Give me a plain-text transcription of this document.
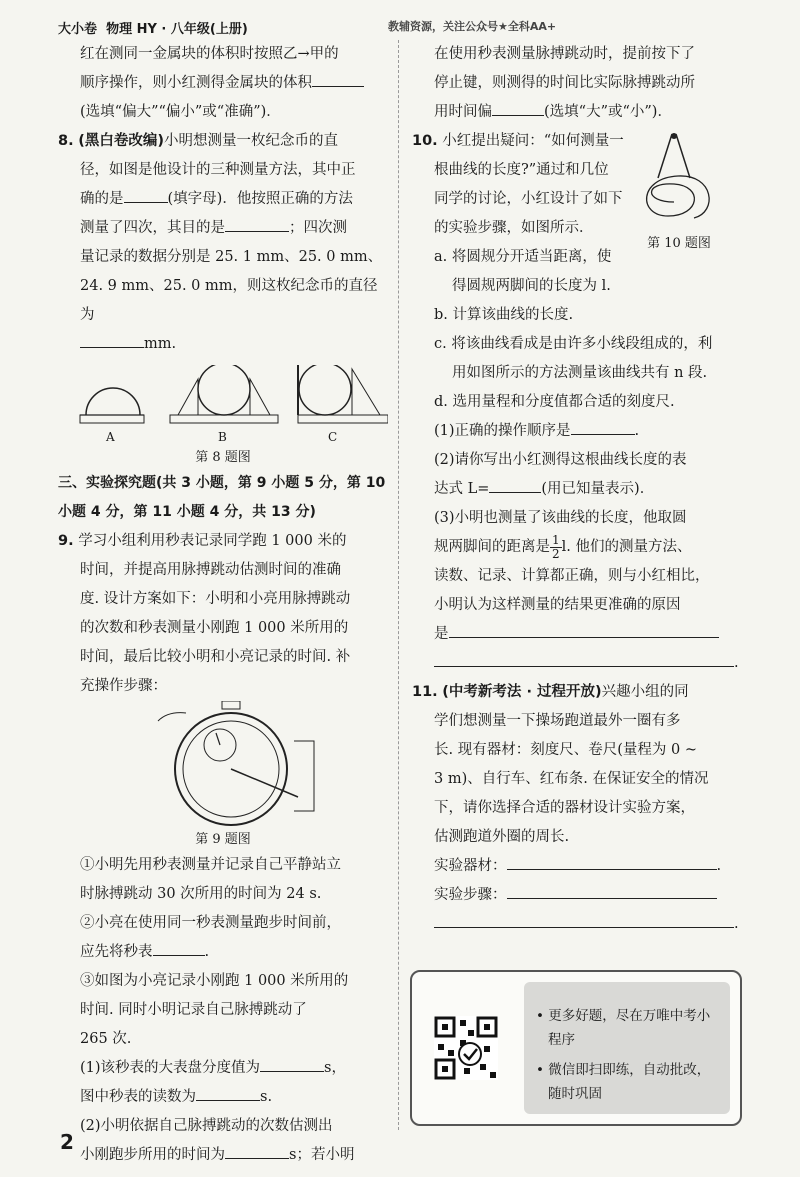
大小卷 物理 HY · 八年级(上册)	教辅资源，关注公众号★全科AA+

红在测同一金属块的体积时按照乙→甲的

顺序操作，则小红测得金属块的体积

(选填“偏大”“偏小”或“准确”)．

8. (黑白卷改编)小明想测量一枚纪念币的直

径，如图是他设计的三种测量方法，其中正

确的是	(填字母)．他按照正确的方法

测量了四次，其目的是	；四次测

量记录的数据分别是 25. 1 mm、25. 0 mm、

24. 9 mm、25. 0 mm，则这枚纪念币的直径为

mm.

A	B	C

第 8 题图

三、实验探究题(共 3 小题，第 9 小题 5 分，第 10 小题 4 分，第 11 小题 4 分，共 13 分)

9. 学习小组利用秒表记录同学跑 1 000 米的

时间，并提高用脉搏跳动估测时间的准确

度. 设计方案如下：小明和小亮用脉搏跳动

的次数和秒表测量小刚跑 1 000 米所用的

时间，最后比较小明和小亮记录的时间. 补

充操作步骤：

第 9 题图

①小明先用秒表测量并记录自己平静站立

时脉搏跳动 30 次所用的时间为 24 s.

②小亮在使用同一秒表测量跑步时间前，

应先将秒表	.

③如图为小亮记录小刚跑 1 000 米所用的

时间. 同时小明记录自己脉搏跳动了

265 次.

(1)该秒表的大表盘分度值为	s，

图中秒表的读数为	s.

(2)小明依据自己脉搏跳动的次数估测出

小刚跑步所用的时间为	s；若小明

在使用秒表测量脉搏跳动时，提前按下了

停止键，则测得的时间比实际脉搏跳动所

用时间偏	(选填“大”或“小”)．

10. 小红提出疑问：“如何测量一

根曲线的长度?”通过和几位

同学的讨论，小红设计了如下

的实验步骤，如图所示．

第 10 题图

a. 将圆规分开适当距离，使

得圆规两脚间的长度为 l.

b. 计算该曲线的长度.

c. 将该曲线看成是由许多小线段组成的，利

用如图所示的方法测量该曲线共有 n 段.

d. 选用量程和分度值都合适的刻度尺.

(1)正确的操作顺序是	.

(2)请你写出小红测得这根曲线长度的表

达式 L=	(用已知量表示)．

(3)小明也测量了该曲线的长度，他取圆

规两脚间的距离是 $\frac{1}{2} l$. 他们的测量方法、

读数、记录、计算都正确，则与小红相比，

小明认为这样测量的结果更准确的原因

是

.

11. (中考新考法 · 过程开放)兴趣小组的同

学们想测量一下操场跑道最外一圈有多

长. 现有器材：刻度尺、卷尺(量程为 0 ~

3 m)、自行车、红布条. 在保证安全的情况

下，请你选择合适的器材设计实验方案，

估测跑道外圈的周长.

实验器材：	.

实验步骤：

.

• 更多好题，尽在万唯中考小程序
• 微信即扫即练，自动批改，随时巩固
2
